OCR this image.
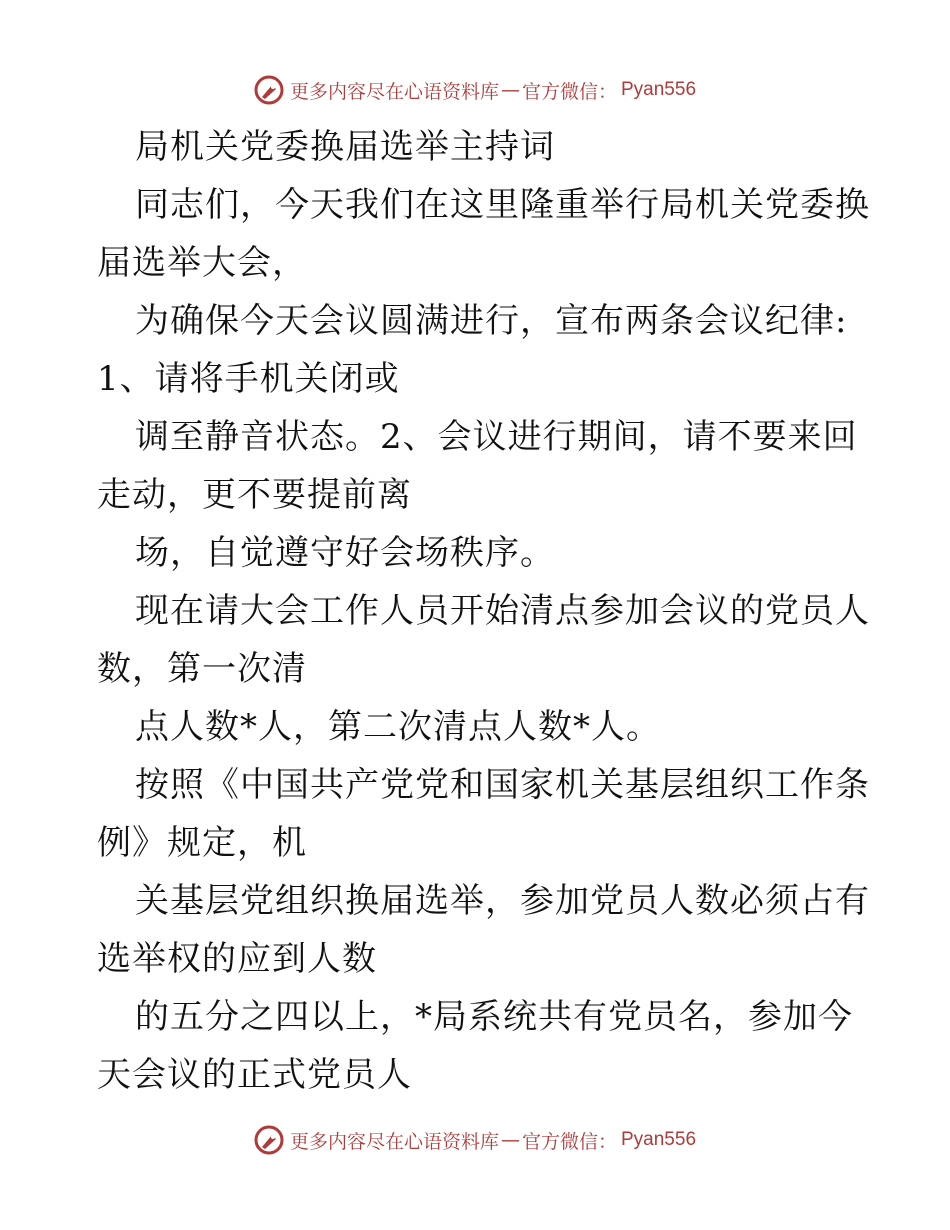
更多内容尽在心语资料库 — 官方微信： Pyan556
局机关党委换届选举主持词
同志们，今天我们在这里隆重举行局机关党委换
届选举大会，
为确保今天会议圆满进行，宣布两条会议纪律:
1、请将手机关闭或
调至静音状态。2、会议进行期间，请不要来回
走动，更不要提前离
场，自觉遵守好会场秩序。
现在请大会工作人员开始清点参加会议的党员人
数，第一次清
点人数*人，第二次清点人数*人。
按照《中国共产党党和国家机关基层组织工作条
例》规定，机
关基层党组织换届选举，参加党员人数必须占有
选举权的应到人数
的五分之四以上，*局系统共有党员名，参加今
天会议的正式党员人
更多内容尽在心语资料库 — 官方微信： Pyan556
